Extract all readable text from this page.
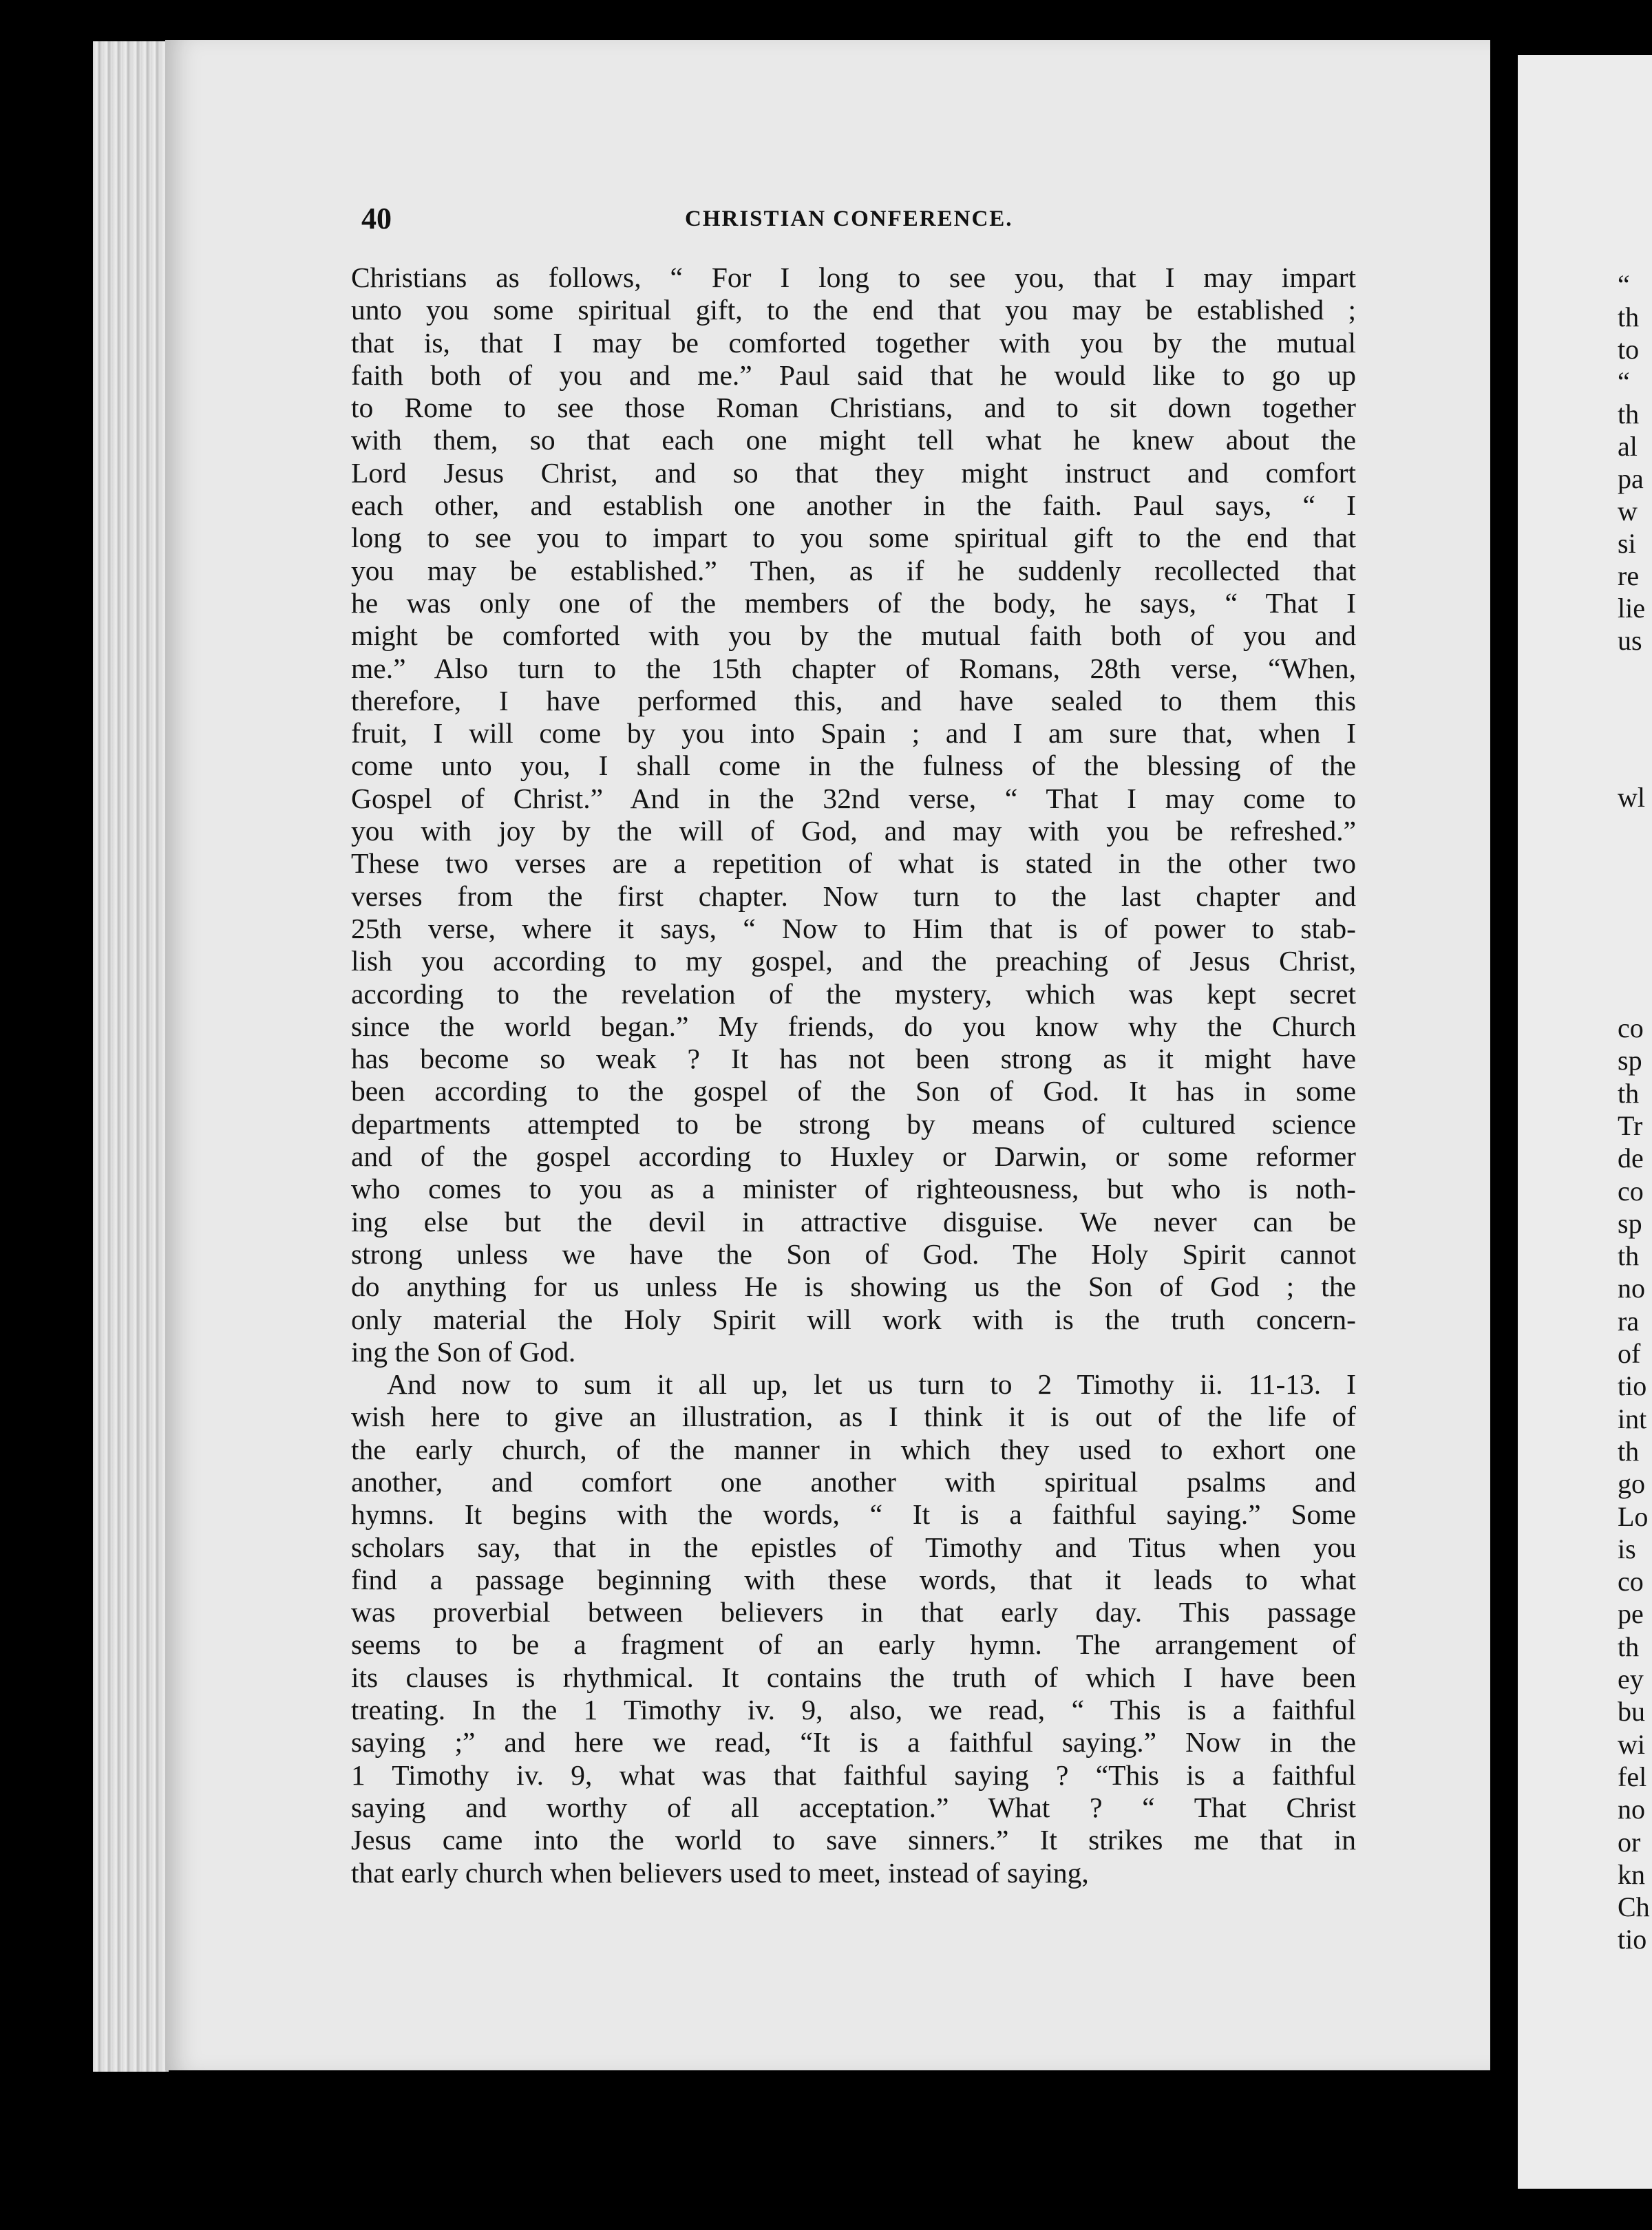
40	CHRISTIAN CONFERENCE.
Christians as follows, “ For I long to see you, that I may impart
unto you some spiritual gift, to the end that you may be established ;
that is, that I may be comforted together with you by the mutual
faith both of you and me.” Paul said that he would like to go up
to Rome to see those Roman Christians, and to sit down together
with them, so that each one might tell what he knew about the
Lord Jesus Christ, and so that they might instruct and comfort
each other, and establish one another in the faith. Paul says, “ I
long to see you to impart to you some spiritual gift to the end that
you may be established.” Then, as if he suddenly recollected that
he was only one of the members of the body, he says, “ That I
might be comforted with you by the mutual faith both of you and
me.” Also turn to the 15th chapter of Romans, 28th verse, “When,
therefore, I have performed this, and have sealed to them this
fruit, I will come by you into Spain ; and I am sure that, when I
come unto you, I shall come in the fulness of the blessing of the
Gospel of Christ.” And in the 32nd verse, “ That I may come to
you with joy by the will of God, and may with you be refreshed.”
These two verses are a repetition of what is stated in the other two
verses from the first chapter. Now turn to the last chapter and
25th verse, where it says, “ Now to Him that is of power to stab-
lish you according to my gospel, and the preaching of Jesus Christ,
according to the revelation of the mystery, which was kept secret
since the world began.” My friends, do you know why the Church
has become so weak ? It has not been strong as it might have
been according to the gospel of the Son of God. It has in some
departments attempted to be strong by means of cultured science
and of the gospel according to Huxley or Darwin, or some reformer
who comes to you as a minister of righteousness, but who is noth-
ing else but the devil in attractive disguise. We never can be
strong unless we have the Son of God. The Holy Spirit cannot
do anything for us unless He is showing us the Son of God ; the
only material the Holy Spirit will work with is the truth concern-
ing the Son of God.
And now to sum it all up, let us turn to 2 Timothy ii. 11-13. I
wish here to give an illustration, as I think it is out of the life of
the early church, of the manner in which they used to exhort one
another, and comfort one another with spiritual psalms and
hymns. It begins with the words, “ It is a faithful saying.” Some
scholars say, that in the epistles of Timothy and Titus when you
find a passage beginning with these words, that it leads to what
was proverbial between believers in that early day. This passage
seems to be a fragment of an early hymn. The arrangement of
its clauses is rhythmical. It contains the truth of which I have been
treating. In the 1 Timothy iv. 9, also, we read, “ This is a faithful
saying ;” and here we read, “It is a faithful saying.” Now in the
1 Timothy iv. 9, what was that faithful saying ? “This is a faithful
saying and worthy of all acceptation.” What ? “ That Christ
Jesus came into the world to save sinners.” It strikes me that in
that early church when believers used to meet, instead of saying,
“
th
to
“
th
al
pa
w
si
re
lie
us
wl
co
sp
th
Tr
de
co
sp
th
no
ra
of
tio
int
th
go
Lo
is
co
pe
th
ey
bu
wi
fel
no
or
kn
Ch
tio
